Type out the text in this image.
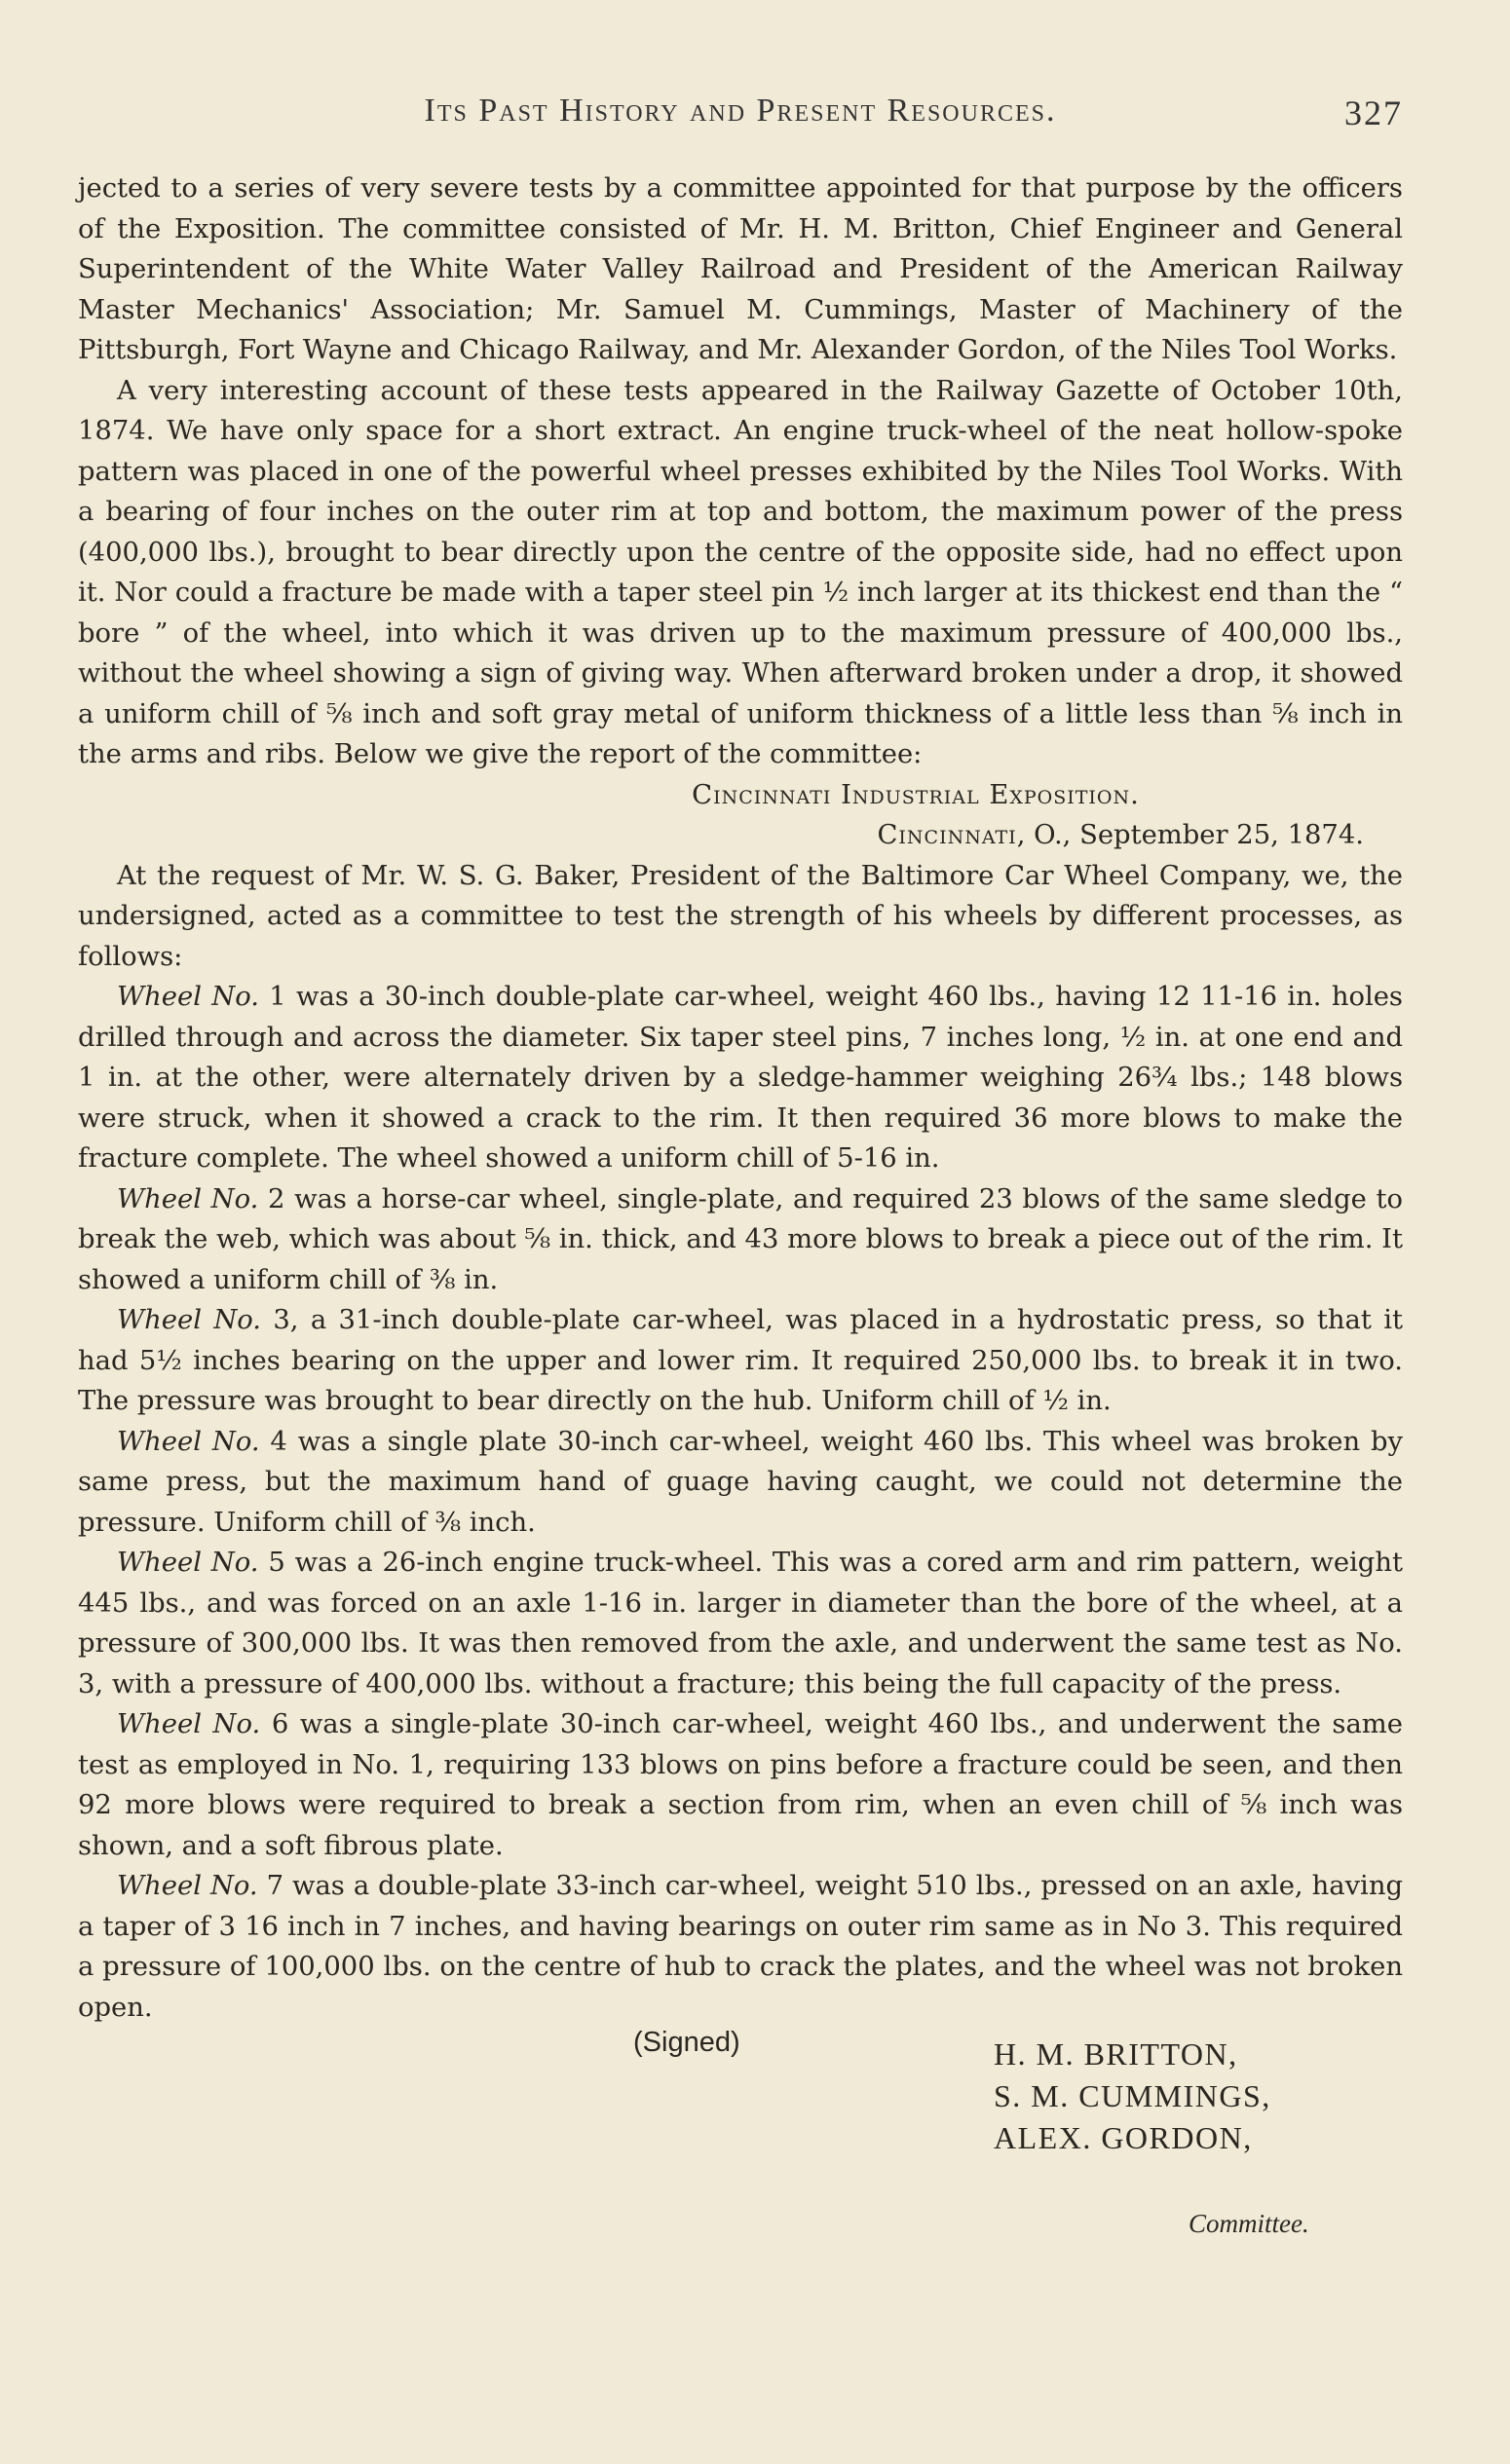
Its Past History and Present Resources.	327

jected to a series of very severe tests by a committee appointed for that purpose by the officers of the Exposition. The committee consisted of Mr. H. M. Britton, Chief Engineer and General Superintendent of the White Water Valley Railroad and President of the American Railway Master Mechanics' Association; Mr. Samuel M. Cummings, Master of Machinery of the Pittsburgh, Fort Wayne and Chicago Railway, and Mr. Alexander Gordon, of the Niles Tool Works.

A very interesting account of these tests appeared in the Railway Gazette of October 10th, 1874. We have only space for a short extract. An engine truck-wheel of the neat hollow-spoke pattern was placed in one of the powerful wheel presses exhibited by the Niles Tool Works. With a bearing of four inches on the outer rim at top and bottom, the maximum power of the press (400,000 lbs.), brought to bear directly upon the centre of the opposite side, had no effect upon it. Nor could a fracture be made with a taper steel pin ½ inch larger at its thickest end than the “ bore ” of the wheel, into which it was driven up to the maximum pressure of 400,000 lbs., without the wheel showing a sign of giving way. When afterward broken under a drop, it showed a uniform chill of ⅝ inch and soft gray metal of uniform thickness of a little less than ⅝ inch in the arms and ribs. Below we give the report of the committee:

Cincinnati Industrial Exposition.

Cincinnati, O., September 25, 1874.

At the request of Mr. W. S. G. Baker, President of the Baltimore Car Wheel Company, we, the undersigned, acted as a committee to test the strength of his wheels by different processes, as follows:

Wheel No. 1 was a 30-inch double-plate car-wheel, weight 460 lbs., having 12 11-16 in. holes drilled through and across the diameter. Six taper steel pins, 7 inches long, ½ in. at one end and 1 in. at the other, were alternately driven by a sledge-hammer weighing 26¾ lbs.; 148 blows were struck, when it showed a crack to the rim. It then required 36 more blows to make the fracture complete. The wheel showed a uniform chill of 5-16 in.

Wheel No. 2 was a horse-car wheel, single-plate, and required 23 blows of the same sledge to break the web, which was about ⅝ in. thick, and 43 more blows to break a piece out of the rim. It showed a uniform chill of ⅜ in.

Wheel No. 3, a 31-inch double-plate car-wheel, was placed in a hydrostatic press, so that it had 5½ inches bearing on the upper and lower rim. It required 250,000 lbs. to break it in two. The pressure was brought to bear directly on the hub. Uniform chill of ½ in.

Wheel No. 4 was a single plate 30-inch car-wheel, weight 460 lbs. This wheel was broken by same press, but the maximum hand of guage having caught, we could not determine the pressure. Uniform chill of ⅜ inch.

Wheel No. 5 was a 26-inch engine truck-wheel. This was a cored arm and rim pattern, weight 445 lbs., and was forced on an axle 1-16 in. larger in diameter than the bore of the wheel, at a pressure of 300,000 lbs. It was then removed from the axle, and underwent the same test as No. 3, with a pressure of 400,000 lbs. without a fracture; this being the full capacity of the press.

Wheel No. 6 was a single-plate 30-inch car-wheel, weight 460 lbs., and underwent the same test as employed in No. 1, requiring 133 blows on pins before a fracture could be seen, and then 92 more blows were required to break a section from rim, when an even chill of ⅝ inch was shown, and a soft fibrous plate.

Wheel No. 7 was a double-plate 33-inch car-wheel, weight 510 lbs., pressed on an axle, having a taper of 3 16 inch in 7 inches, and having bearings on outer rim same as in No 3. This required a pressure of 100,000 lbs. on the centre of hub to crack the plates, and the wheel was not broken open.

(Signed)	H. M. BRITTON,
S. M. CUMMINGS,
ALEX. GORDON,
Committee.
